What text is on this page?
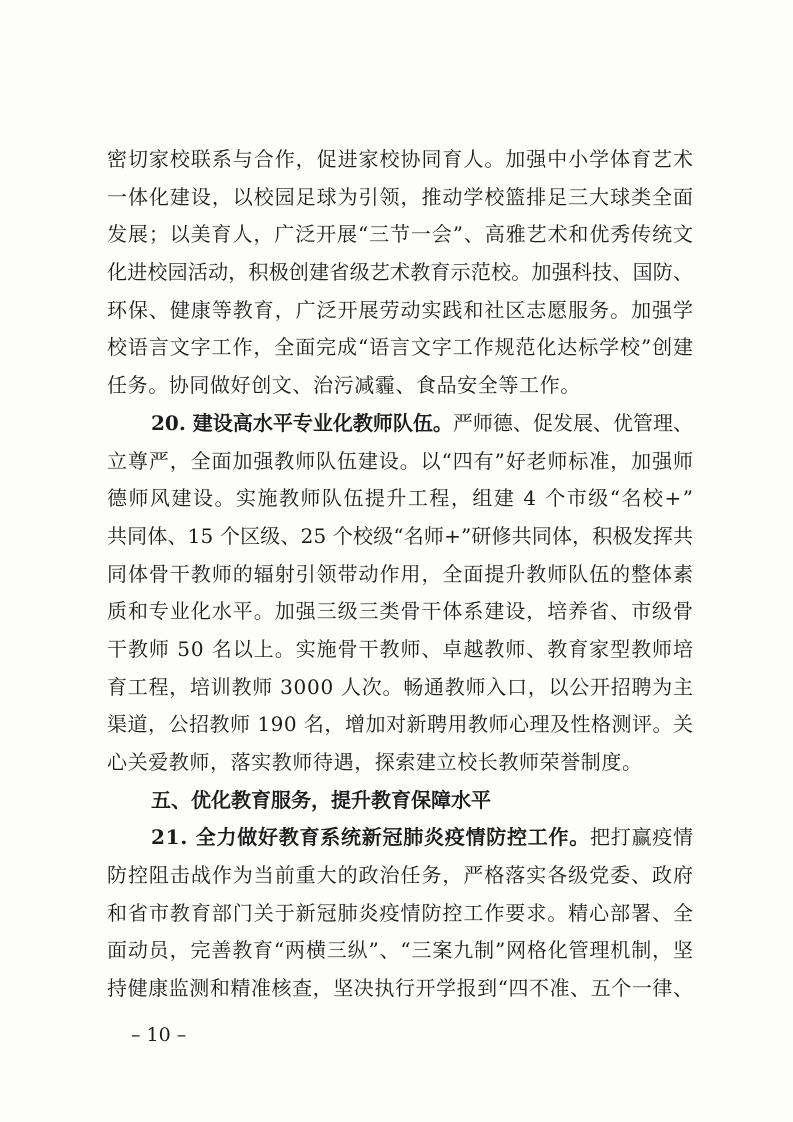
密切家校联系与合作，促进家校协同育人。加强中小学体育艺术
一体化建设，以校园足球为引领，推动学校篮排足三大球类全面
发展；以美育人，广泛开展“三节一会”、高雅艺术和优秀传统文
化进校园活动，积极创建省级艺术教育示范校。加强科技、国防、
环保、健康等教育，广泛开展劳动实践和社区志愿服务。加强学
校语言文字工作，全面完成“语言文字工作规范化达标学校”创建
任务。协同做好创文、治污减霾、食品安全等工作。
20. 建设高水平专业化教师队伍。严师德、促发展、优管理、
立尊严，全面加强教师队伍建设。以“四有”好老师标准，加强师
德师风建设。实施教师队伍提升工程，组建 4 个市级“名校+”
共同体、15 个区级、25 个校级“名师+”研修共同体，积极发挥共
同体骨干教师的辐射引领带动作用，全面提升教师队伍的整体素
质和专业化水平。加强三级三类骨干体系建设，培养省、市级骨
干教师 50 名以上。实施骨干教师、卓越教师、教育家型教师培
育工程，培训教师 3000 人次。畅通教师入口，以公开招聘为主
渠道，公招教师 190 名，增加对新聘用教师心理及性格测评。关
心关爱教师，落实教师待遇，探索建立校长教师荣誉制度。
五、优化教育服务，提升教育保障水平
21. 全力做好教育系统新冠肺炎疫情防控工作。把打赢疫情
防控阻击战作为当前重大的政治任务，严格落实各级党委、政府
和省市教育部门关于新冠肺炎疫情防控工作要求。精心部署、全
面动员，完善教育“两横三纵”、“三案九制”网格化管理机制，坚
持健康监测和精准核查，坚决执行开学报到“四不准、五个一律、
– 10 –
